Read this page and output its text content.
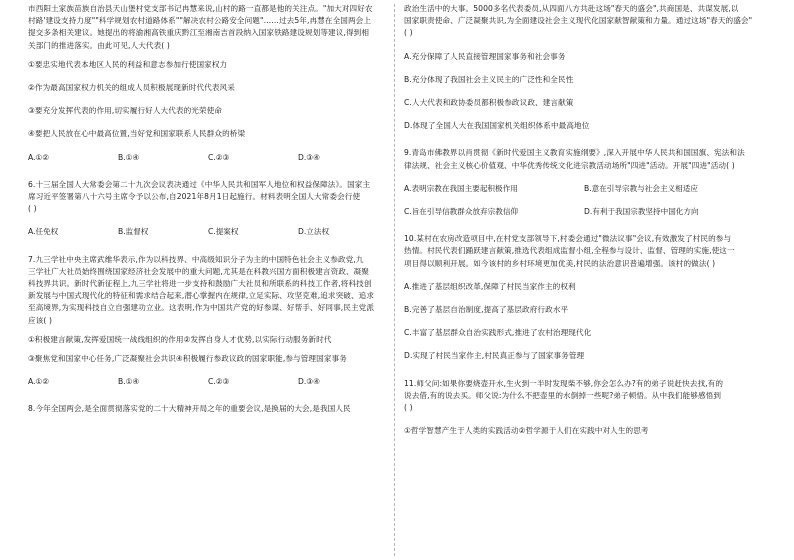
市西阳土家族苗族自治县天山堡村党支部书记冉慧来说,山村的路一直都是他的关注点。"加大对四好农

村路'建设支持力度""科学规划农村道路体系""解决农村公路安全问题"……过去5年,冉慧在全国两会上

提交多条相关建议。她提出的将渝湘高铁重庆黔江至湘南吉首段纳入国家铁路建设规划等建议,得到相

关部门的推进落实。由此可见,人大代表( )

①要忠实地代表本地区人民的利益和意志参加行使国家权力

②作为最高国家权力机关的组成人员积极展现新时代代表风采

③要充分发挥代表的作用,切实履行好人大代表的光荣使命

④要把人民放在心中最高位置,当好党和国家联系人民群众的桥梁

A.①②	B.①④	C.②③	D.③④

6.十三届全国人大常委会第二十九次会议表决通过《中华人民共和国军人地位和权益保障法》。国家主

席习近平签署第八十六号主席令予以公布,自2021年8月1日起施行。材料表明全国人大常委会行使

( )

A.任免权	B.监督权	C.提案权	D.立法权

7.九三学社中央主席武维华表示,作为以科技界、中高级知识分子为主的中国特色社会主义参政党,九

三学社广大社员始终围绕国家经济社会发展中的重大问题,尤其是在科教兴国方面积极建言资政、凝聚

科技界共识。新时代新征程上,九三学社将进一步支持和鼓励广大社员和所联系的科技工作者,将科技创

新发展与中国式现代化的特征和需求结合起来,潜心掌握内在规律,立足实际、攻坚克难,追求突破、追求

至高境界,为实现科技自立自强建功立业。这表明,作为中国共产党的好参谋、好帮手、好同事,民主党派

应该( )

①积极建言献策,发挥爱国统一战线组织的作用②发挥自身人才优势,以实际行动服务新时代

③聚焦党和国家中心任务,广泛凝聚社会共识④积极履行参政议政的国家职能,参与管理国家事务

A.①②	B.①④	C.②③	D.③④

8.今年全国两会,是全面贯彻落实党的二十大精神开局之年的重要会议,是换届的大会,是我国人民

政治生活中的大事。5000多名代表委员,从四面八方共赴这场"春天的盛会",共商国是、共谋发展,以

国家职责使命、广泛凝聚共识,为全面建设社会主义现代化国家献智献策和力量。通过这场"春天的盛会"

( )

A.充分保障了人民直接管理国家事务和社会事务

B.充分体现了我国社会主义民主的广泛性和全民性

C.人大代表和政协委员都积极参政议政、建言献策

D.体现了全国人大在我国国家机关组织体系中最高地位

9.青岛市佛教界以肖贯彻《新时代爱国主义教育实施纲要》,深入开展中华人民共和国国旗、宪法和法

律法规、社会主义核心价值观、中华优秀传统文化进宗教活动场所"四进"活动。开展"四进"活动( )

A.表明宗教在我国主要起积极作用	B.意在引导宗教与社会主义相适应
C.旨在引导信教群众放弃宗教信仰	D.有利于我国宗教坚持中国化方向

10.某村在农房改造项目中,在村党支部领导下,村委会通过"微法议事"会议,有效激发了村民的参与

热情。村民代表们踊跃建言献策,推选代表组成监督小组,全程参与设计、监督、管理的实施,使这一

项目得以顺利开展。如今该村的乡村环境更加优美,村民的法治意识普遍增强。该村的做法( )

A.推进了基层组织改革,保障了村民当家作主的权利

B.完善了基层自治制度,提高了基层政府行政水平

C.丰富了基层群众自治实践形式,推进了农村治理现代化

D.实现了村民当家作主,村民真正参与了国家事务管理

11.师父问:如果你要烧壶开水,生火到一半时发现柴不够,你会怎么办?有的弟子说赶快去找,有的

说去借,有的说去买。师父说:为什么不把壶里的水倒掉一些呢?弟子顿悟。从中我们能够感悟到

( )

①哲学智慧产生于人类的实践活动②哲学源于人们在实践中对人生的思考
